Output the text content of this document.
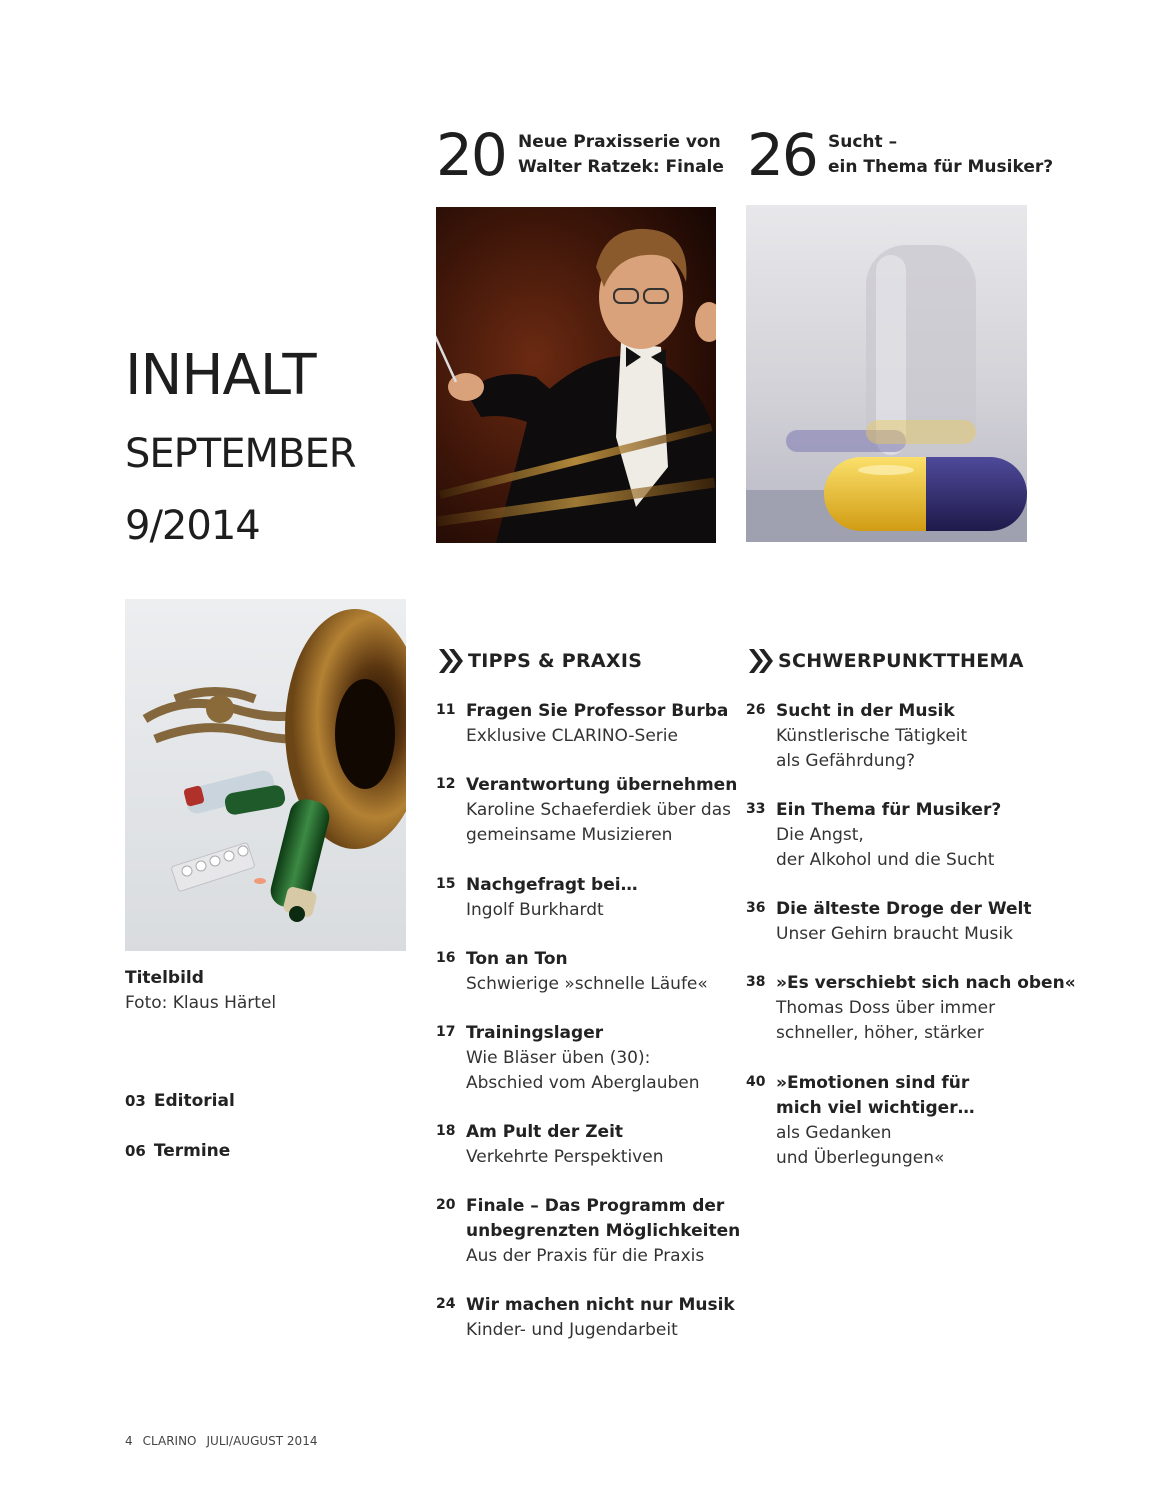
20 Neue Praxisserie von
Walter Ratzek: Finale 26 Sucht –
ein Thema für Musiker?
INHALT
SEPTEMBER
9/2014
Titelbild
Foto: Klaus Härtel
03 Editorial
06 Termine
TIPPS & PRAXIS
11 Fragen Sie Professor Burba
Exklusive CLARINO-Serie
12 Verantwortung übernehmen
Karoline Schaeferdiek über das
gemeinsame Musizieren
15 Nachgefragt bei…
Ingolf Burkhardt
16 Ton an Ton
Schwierige »schnelle Läufe«
17 Trainingslager
Wie Bläser üben (30):
Abschied vom Aberglauben
18 Am Pult der Zeit
Verkehrte Perspektiven
20 Finale – Das Programm der
unbegrenzten Möglichkeiten
Aus der Praxis für die Praxis
24 Wir machen nicht nur Musik
Kinder- und Jugendarbeit
SCHWERPUNKTTHEMA
26 Sucht in der Musik
Künstlerische Tätigkeit
als Gefährdung?
33 Ein Thema für Musiker?
Die Angst,
der Alkohol und die Sucht
36 Die älteste Droge der Welt
Unser Gehirn braucht Musik
38 »Es verschiebt sich nach oben«
Thomas Doss über immer
schneller, höher, stärker
40 »Emotionen sind für
mich viel wichtiger…
als Gedanken
und Überlegungen«
4 CLARINO JULI/AUGUST 2014
